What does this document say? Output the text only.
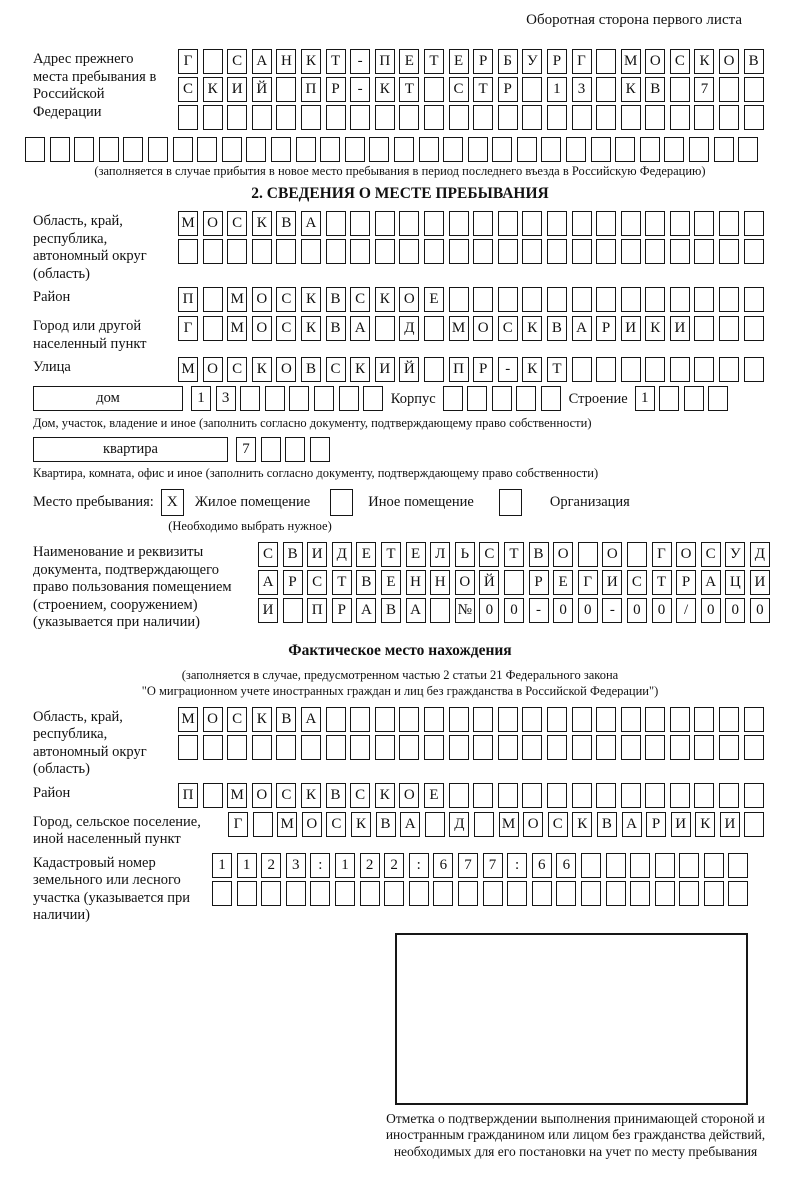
Оборотная сторона первого листа
Адрес прежнего места пребывания в Российской Федерации
Г	С А Н К Т - П Е Т Е Р Б У Р Г	М О С К О В
С К И Й	П Р - К Т	С Т Р	1 3	К В	7
(заполняется в случае прибытия в новое место пребывания в период последнего въезда в Российскую Федерацию)
2. СВЕДЕНИЯ О МЕСТЕ ПРЕБЫВАНИЯ
Область, край, республика, автономный округ (область)
М О С К В А
Район	П М О С К В С К О Е
Город или другой населенный пункт
Г	М О С К В А	Д М О С К В А Р И К И
Улица	М О С К О В С К И Й	П Р - К Т
дом	1 3	Корпус	Строение 1
Дом, участок, владение и иное (заполнить согласно документу, подтверждающему право собственности)
квартира	7
Квартира, комната, офис и иное (заполнить согласно документу, подтверждающему право собственности)
Место пребывания: X	Жилое помещение	Иное помещение	Организация
(Необходимо выбрать нужное)
Наименование и реквизиты документа, подтверждающего право пользования помещением (строением, сооружением) (указывается при наличии)
С В И Д Е Т Е Л Ь С Т В О	О	Г О С У Д
А Р С Т В Е Н Н О Й	Р Е Г И С Т Р А Ц И
И	П Р А В А № 0 0 - 0 0 - 0 0 / 0 0 0
Фактическое место нахождения
(заполняется в случае, предусмотренном частью 2 статьи 21 Федерального закона
"О миграционном учете иностранных граждан и лиц без гражданства в Российской Федерации")
Область, край, республика, автономный округ (область)
М О С К В А
Район	П М О С К В С К О Е
Город, сельское поселение, иной населенный пункт
Г	М О С К В А	Д М О С К В А Р И К И
Кадастровый номер земельного или лесного участка (указывается при наличии)
1 1 2 3 : 1 2 2 : 6 7 7 : 6 6
Отметка о подтверждении выполнения принимающей стороной и иностранным гражданином или лицом без гражданства действий, необходимых для его постановки на учет по месту пребывания
